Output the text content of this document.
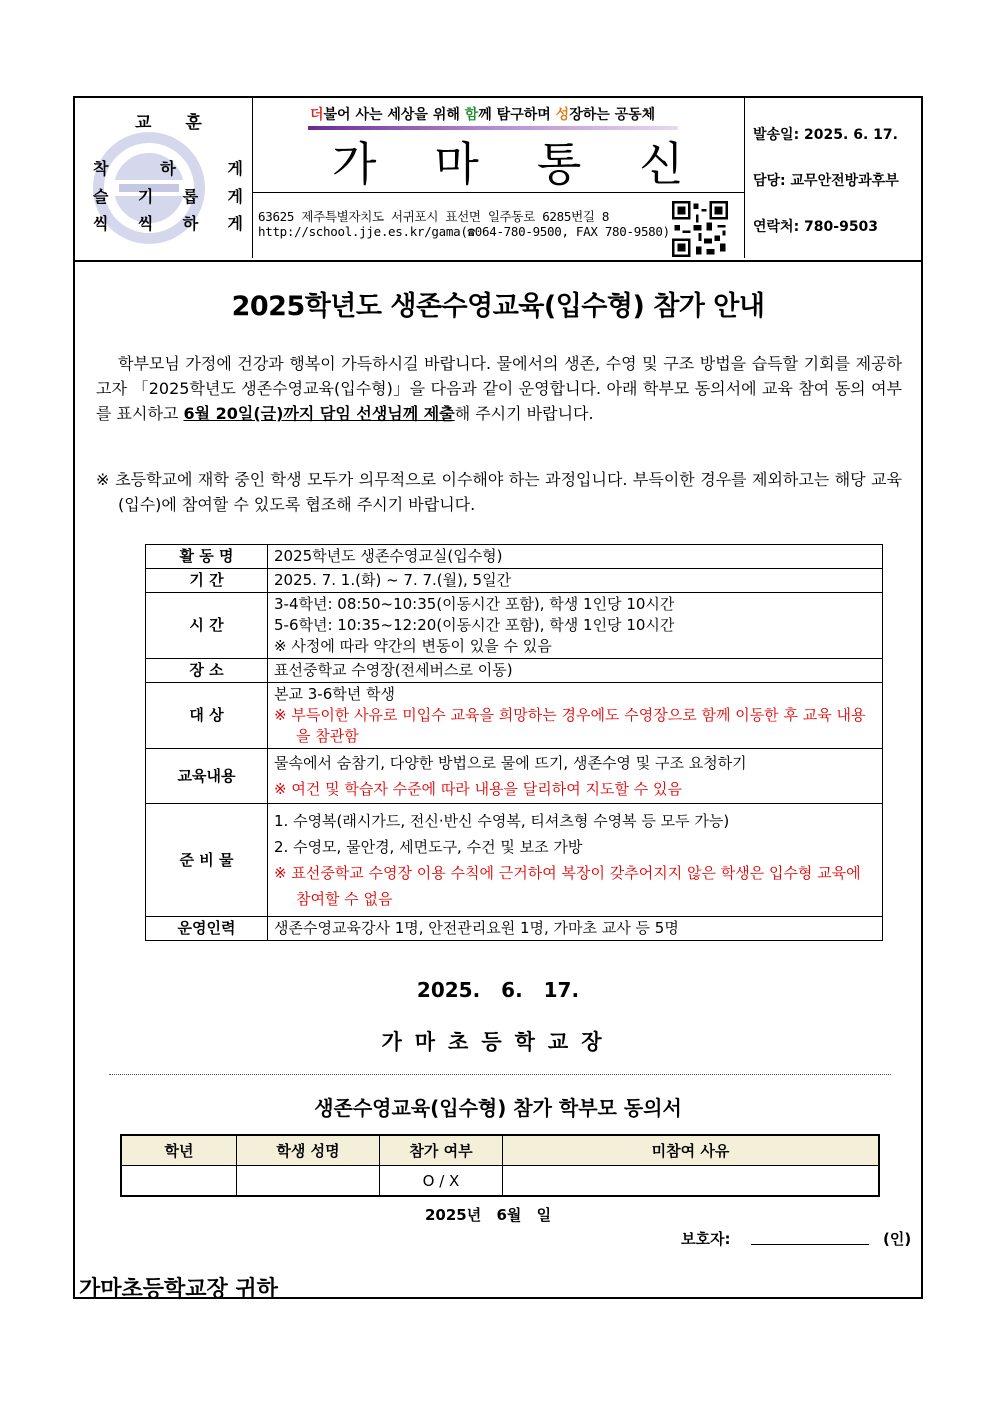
교 훈
착	하	게
슬 기 롭 게
씩 씩 하 게
더불어 사는 세상을 위해 함께 탐구하며 성장하는 공동체
가마통신
63625 제주특별자치도 서귀포시 표선면 일주동로 6285번길 8
http://school.jje.es.kr/gama(☎064-780-9500, FAX 780-9580)
발송일: 2025. 6. 17.
담당: 교무안전방과후부
연락처: 780-9503
2025학년도 생존수영교육(입수형) 참가 안내
학부모님 가정에 건강과 행복이 가득하시길 바랍니다. 물에서의 생존, 수영 및 구조 방법을 습득할 기회를 제공하고자 「2025학년도 생존수영교육(입수형)」을 다음과 같이 운영합니다. 아래 학부모 동의서에 교육 참여 동의 여부를 표시하고 6월 20일(금)까지 담임 선생님께 제출해 주시기 바랍니다.
※ 초등학교에 재학 중인 학생 모두가 의무적으로 이수해야 하는 과정입니다. 부득이한 경우를 제외하고는 해당 교육(입수)에 참여할 수 있도록 협조해 주시기 바랍니다.
활 동 명	2025학년도 생존수영교실(입수형)
기 간	2025. 7. 1.(화) ~ 7. 7.(월), 5일간
시 간	3-4학년: 08:50~10:35(이동시간 포함), 학생 1인당 10시간
5-6학년: 10:35~12:20(이동시간 포함), 학생 1인당 10시간
※ 사정에 따라 약간의 변동이 있을 수 있음

장 소	표선중학교 수영장(전세버스로 이동)
대 상	본교 3-6학년 학생
※ 부득이한 사유로 미입수 교육을 희망하는 경우에도 수영장으로 함께 이동한 후 교육 내용을 참관함

교육내용	물속에서 숨참기, 다양한 방법으로 물에 뜨기, 생존수영 및 구조 요청하기
※ 여건 및 학습자 수준에 따라 내용을 달리하여 지도할 수 있음

준 비 물	1. 수영복(래시가드, 전신·반신 수영복, 티셔츠형 수영복 등 모두 가능)
2. 수영모, 물안경, 세면도구, 수건 및 보조 가방
※ 표선중학교 수영장 이용 수칙에 근거하여 복장이 갖추어지지 않은 학생은 입수형 교육에 참여할 수 없음

운영인력	생존수영교육강사 1명, 안전관리요원 1명, 가마초 교사 등 5명
2025. 6. 17.
가마초등학교장
생존수영교육(입수형) 참가 학부모 동의서
학년	학생 성명	참가 여부	미참여 사유
		O / X	
2025년 6월 일
보호자:	(인)
가마초등학교장 귀하
